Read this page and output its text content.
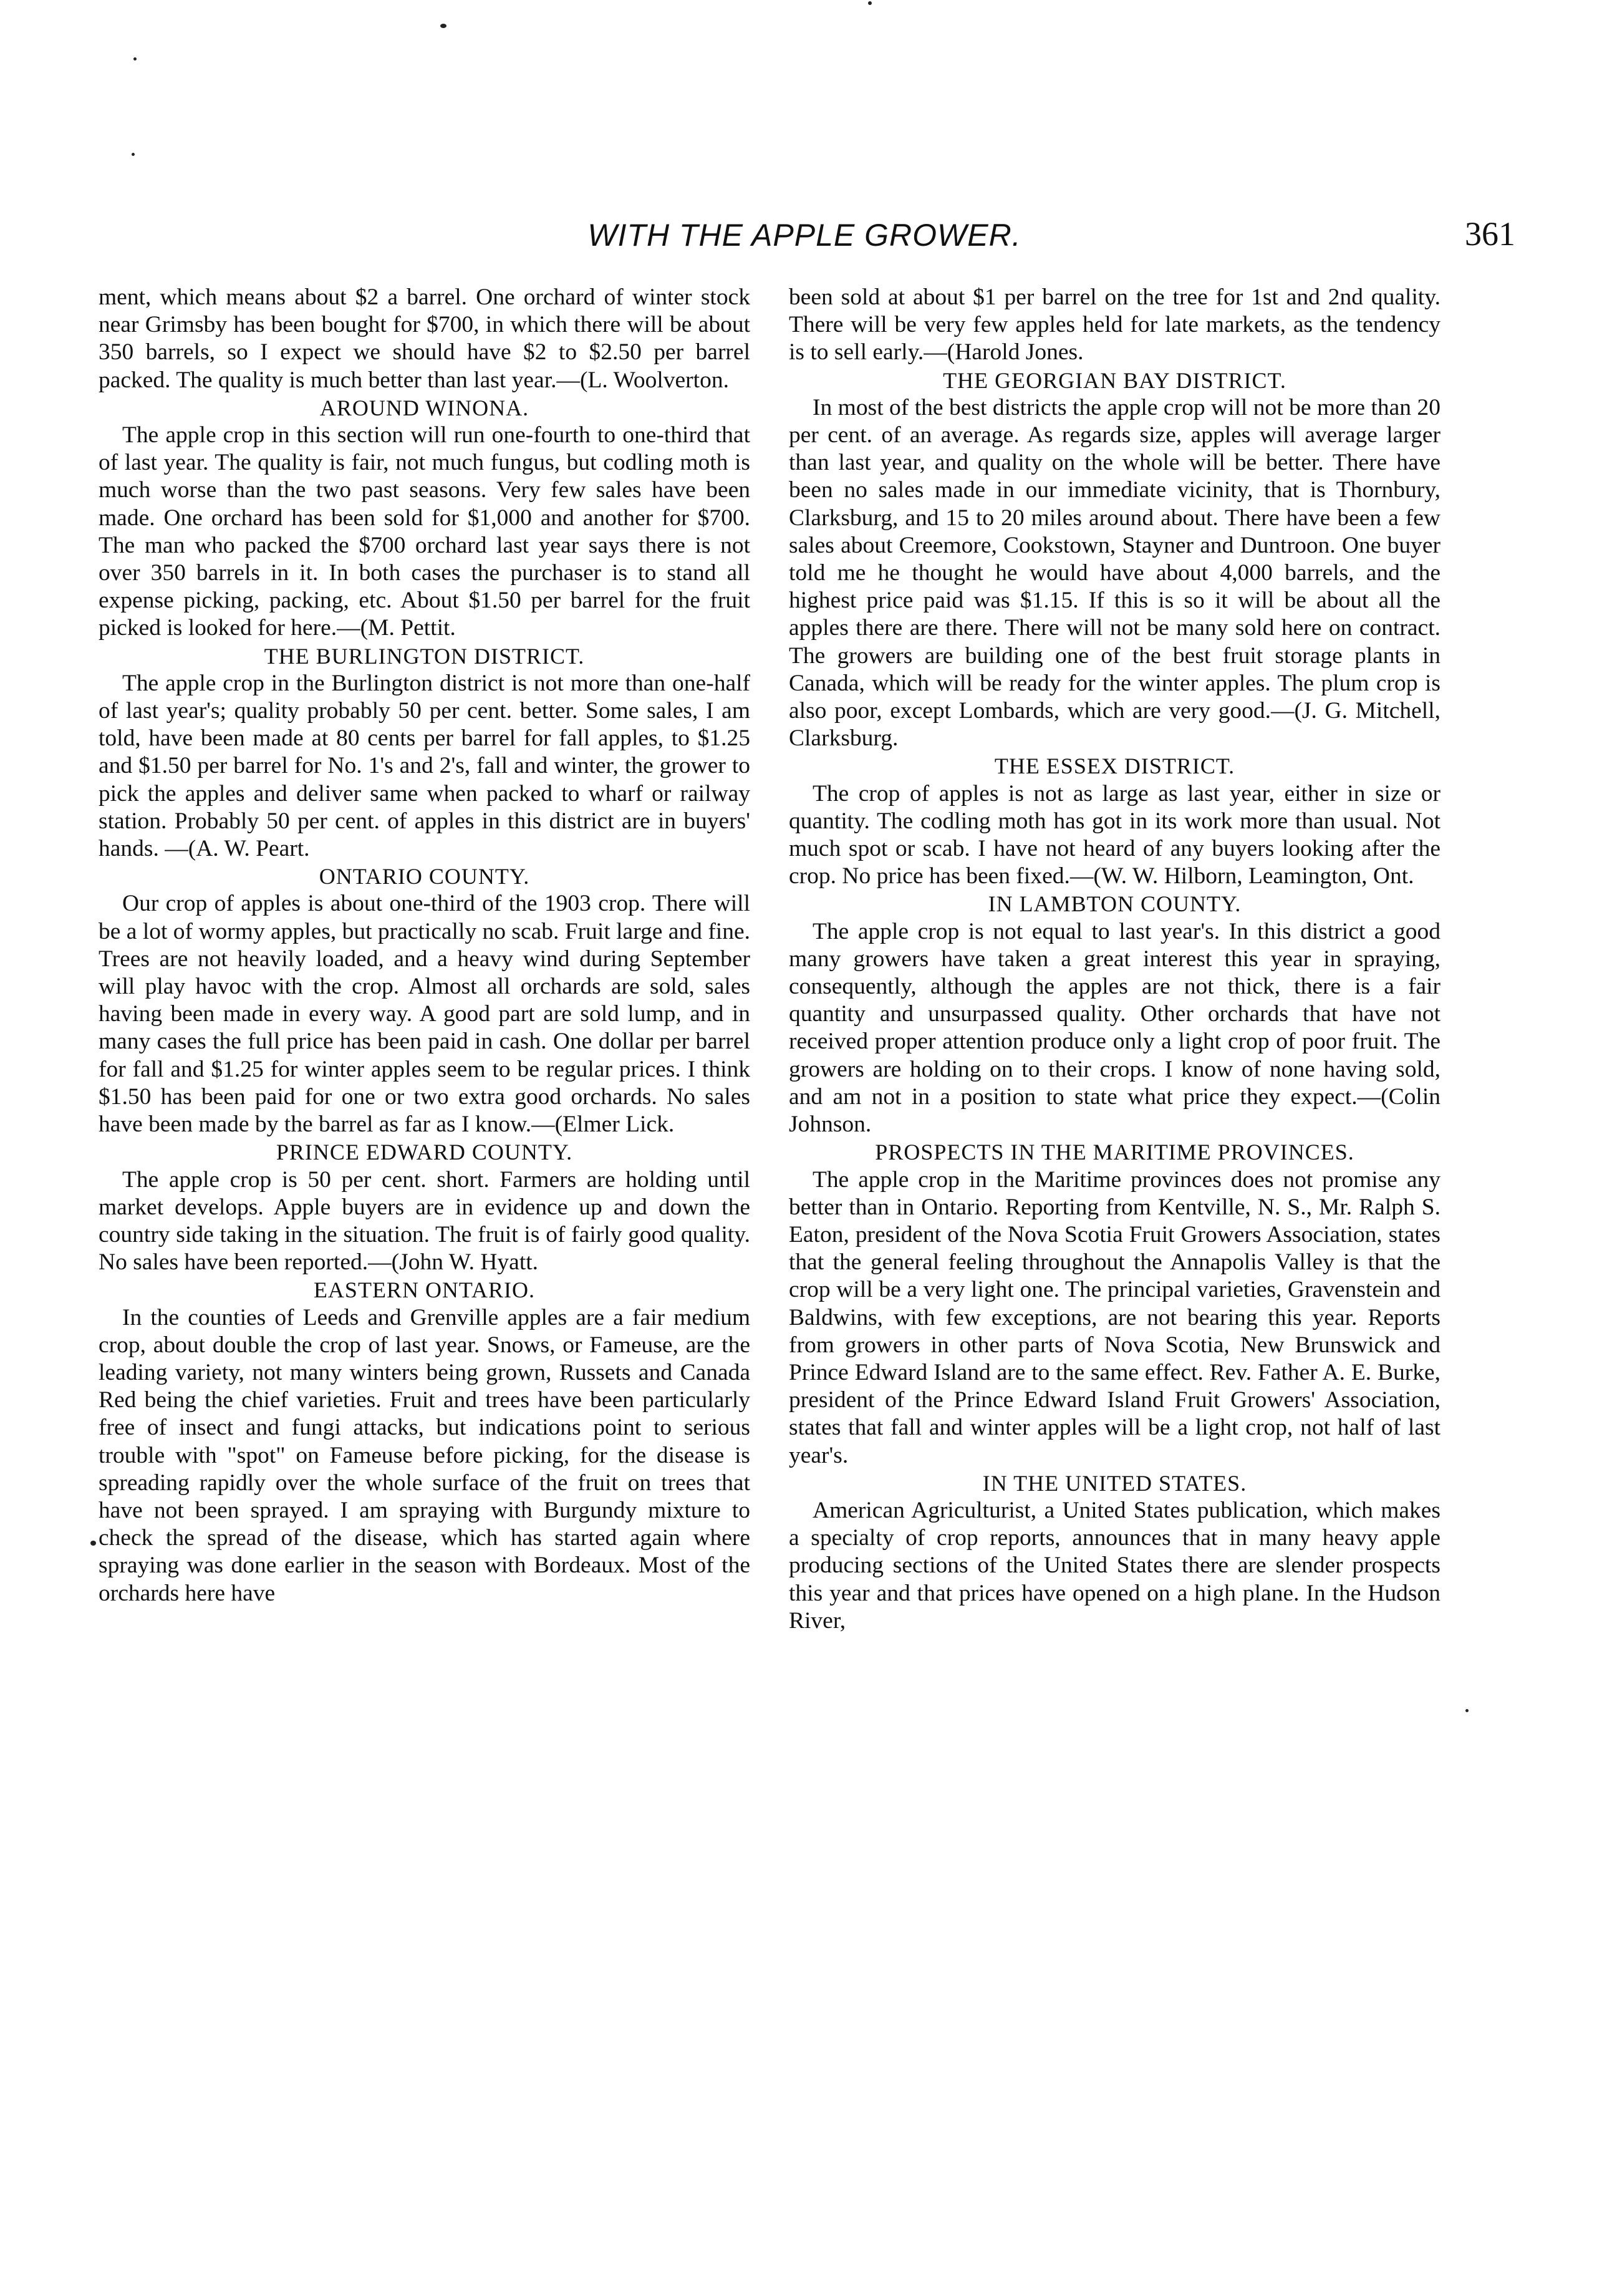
WITH THE APPLE GROWER.	361

ment, which means about $2 a barrel. One orchard of winter stock near Grimsby has been bought for $700, in which there will be about 350 barrels, so I expect we should have $2 to $2.50 per barrel packed. The quality is much better than last year.—(L. Woolverton.

AROUND WINONA.

The apple crop in this section will run one-fourth to one-third that of last year. The quality is fair, not much fungus, but codling moth is much worse than the two past seasons. Very few sales have been made. One orchard has been sold for $1,000 and another for $700. The man who packed the $700 orchard last year says there is not over 350 barrels in it. In both cases the purchaser is to stand all expense picking, packing, etc. About $1.50 per barrel for the fruit picked is looked for here.—(M. Pettit.

THE BURLINGTON DISTRICT.

The apple crop in the Burlington district is not more than one-half of last year's; quality probably 50 per cent. better. Some sales, I am told, have been made at 80 cents per barrel for fall apples, to $1.25 and $1.50 per barrel for No. 1's and 2's, fall and winter, the grower to pick the apples and deliver same when packed to wharf or railway station. Probably 50 per cent. of apples in this district are in buyers' hands. —(A. W. Peart.

ONTARIO COUNTY.

Our crop of apples is about one-third of the 1903 crop. There will be a lot of wormy apples, but practically no scab. Fruit large and fine. Trees are not heavily loaded, and a heavy wind during September will play havoc with the crop. Almost all orchards are sold, sales having been made in every way. A good part are sold lump, and in many cases the full price has been paid in cash. One dollar per barrel for fall and $1.25 for winter apples seem to be regular prices. I think $1.50 has been paid for one or two extra good orchards. No sales have been made by the barrel as far as I know.—(Elmer Lick.

PRINCE EDWARD COUNTY.

The apple crop is 50 per cent. short. Farmers are holding until market develops. Apple buyers are in evidence up and down the country side taking in the situation. The fruit is of fairly good quality. No sales have been reported.—(John W. Hyatt.

EASTERN ONTARIO.

In the counties of Leeds and Grenville apples are a fair medium crop, about double the crop of last year. Snows, or Fameuse, are the leading variety, not many winters being grown, Russets and Canada Red being the chief varieties. Fruit and trees have been particularly free of insect and fungi attacks, but indications point to serious trouble with "spot" on Fameuse before picking, for the disease is spreading rapidly over the whole surface of the fruit on trees that have not been sprayed. I am spraying with Burgundy mixture to check the spread of the disease, which has started again where spraying was done earlier in the season with Bordeaux. Most of the orchards here have

been sold at about $1 per barrel on the tree for 1st and 2nd quality. There will be very few apples held for late markets, as the tendency is to sell early.—(Harold Jones.

THE GEORGIAN BAY DISTRICT.

In most of the best districts the apple crop will not be more than 20 per cent. of an average. As regards size, apples will average larger than last year, and quality on the whole will be better. There have been no sales made in our immediate vicinity, that is Thornbury, Clarksburg, and 15 to 20 miles around about. There have been a few sales about Creemore, Cookstown, Stayner and Duntroon. One buyer told me he thought he would have about 4,000 barrels, and the highest price paid was $1.15. If this is so it will be about all the apples there are there. There will not be many sold here on contract. The growers are building one of the best fruit storage plants in Canada, which will be ready for the winter apples. The plum crop is also poor, except Lombards, which are very good.—(J. G. Mitchell, Clarksburg.

THE ESSEX DISTRICT.

The crop of apples is not as large as last year, either in size or quantity. The codling moth has got in its work more than usual. Not much spot or scab. I have not heard of any buyers looking after the crop. No price has been fixed.—(W. W. Hilborn, Leamington, Ont.

IN LAMBTON COUNTY.

The apple crop is not equal to last year's. In this district a good many growers have taken a great interest this year in spraying, consequently, although the apples are not thick, there is a fair quantity and unsurpassed quality. Other orchards that have not received proper attention produce only a light crop of poor fruit. The growers are holding on to their crops. I know of none having sold, and am not in a position to state what price they expect.—(Colin Johnson.

PROSPECTS IN THE MARITIME PROVINCES.

The apple crop in the Maritime provinces does not promise any better than in Ontario. Reporting from Kentville, N. S., Mr. Ralph S. Eaton, president of the Nova Scotia Fruit Growers Association, states that the general feeling throughout the Annapolis Valley is that the crop will be a very light one. The principal varieties, Gravenstein and Baldwins, with few exceptions, are not bearing this year. Reports from growers in other parts of Nova Scotia, New Brunswick and Prince Edward Island are to the same effect. Rev. Father A. E. Burke, president of the Prince Edward Island Fruit Growers' Association, states that fall and winter apples will be a light crop, not half of last year's.

IN THE UNITED STATES.

American Agriculturist, a United States publication, which makes a specialty of crop reports, announces that in many heavy apple producing sections of the United States there are slender prospects this year and that prices have opened on a high plane. In the Hudson River,
